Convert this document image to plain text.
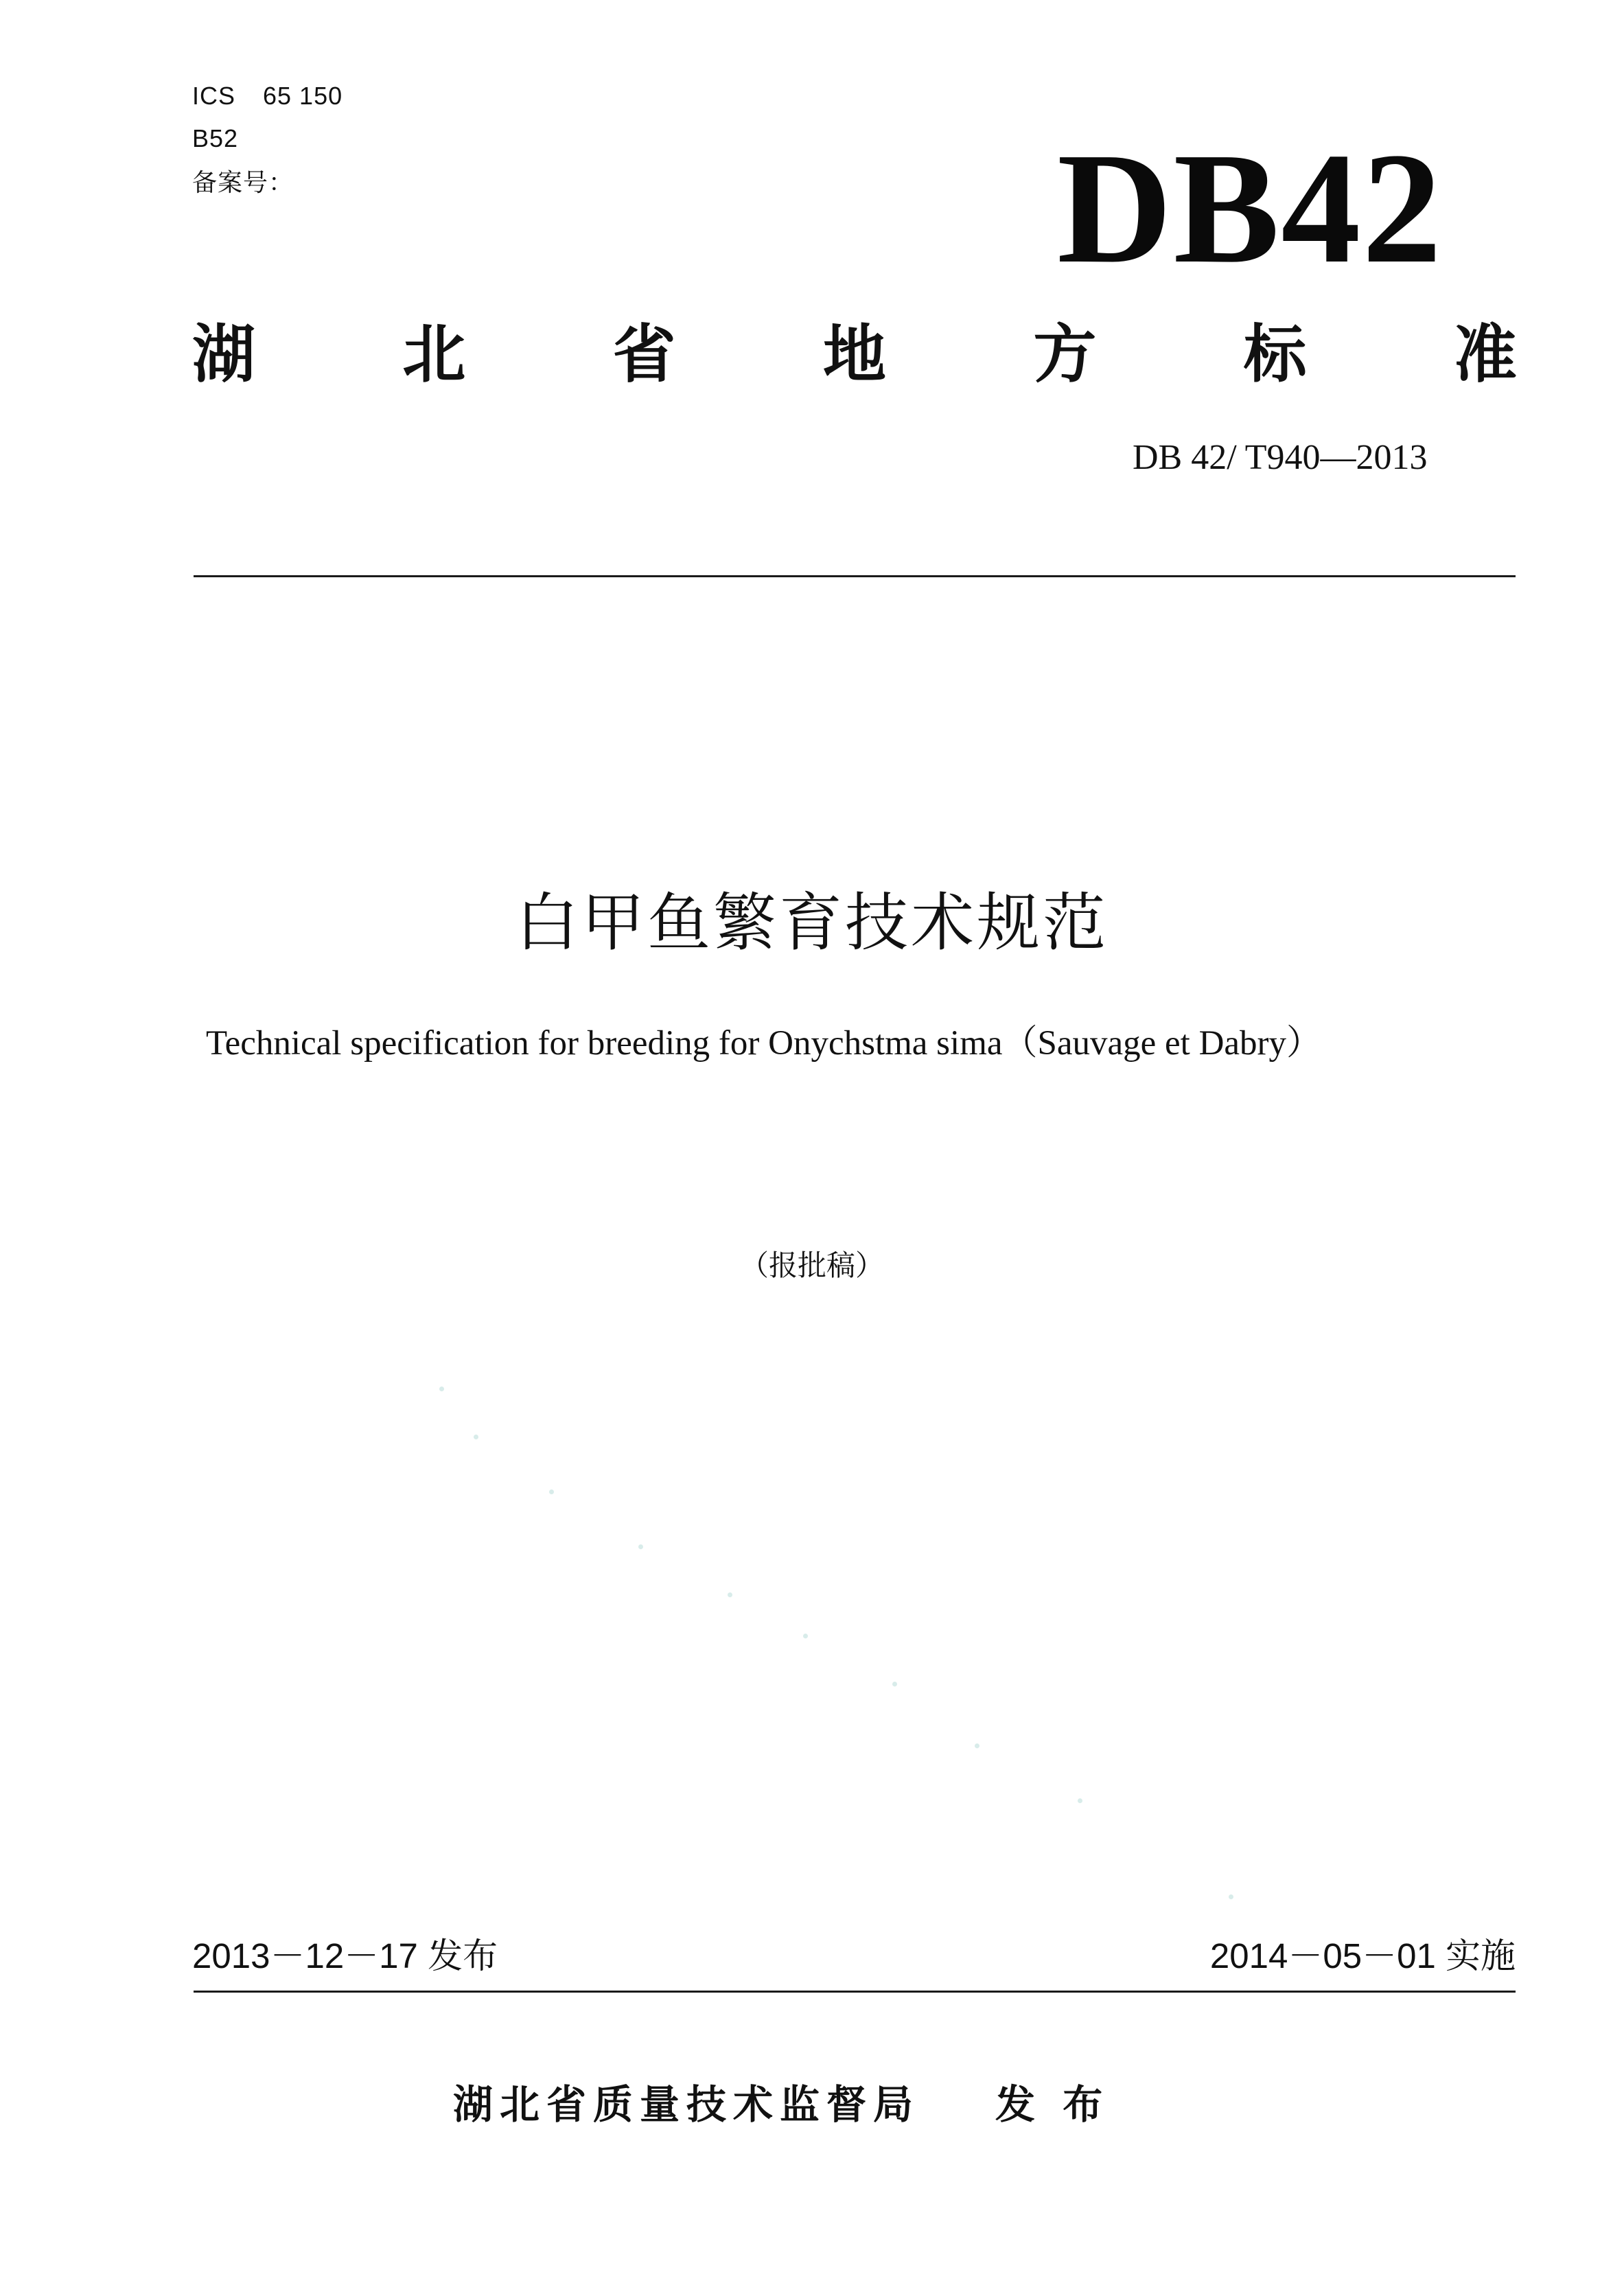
ICS 65 150
B52
备案号：	DB42
湖 北 省 地 方 标 准
DB 42/ T940—2013
白甲鱼繁育技术规范
Technical specification for breeding for Onychstma sima（Sauvage et Dabry）
（报批稿）
2013－12－17 发布	2014－05－01 实施
湖北省质量技术监督局 发 布
